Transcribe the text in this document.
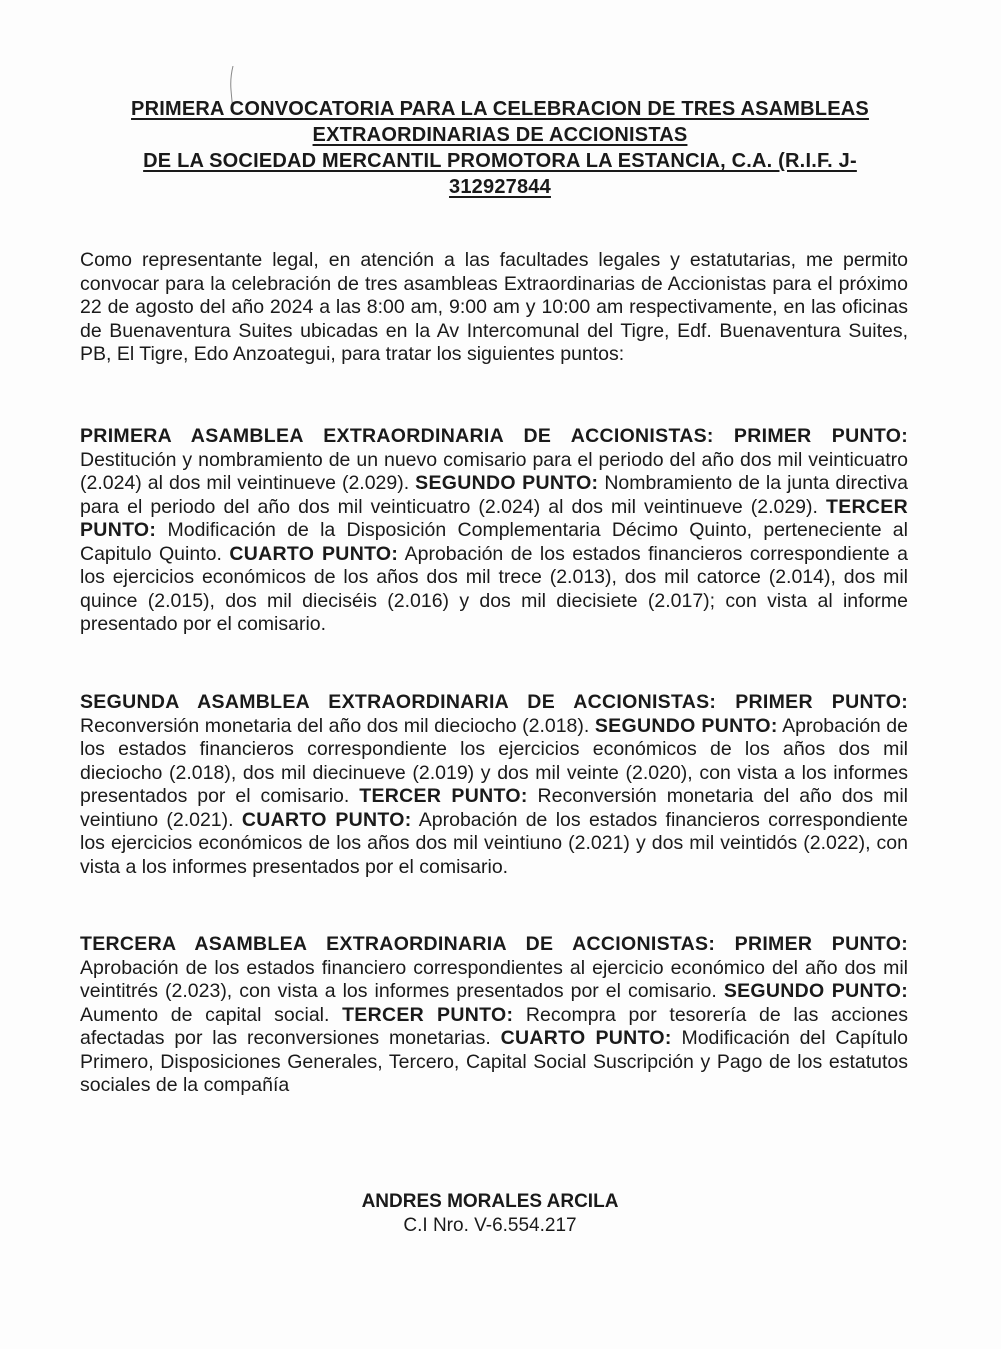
PRIMERA CONVOCATORIA PARA LA CELEBRACION DE TRES ASAMBLEAS
EXTRAORDINARIAS DE ACCIONISTAS
DE LA SOCIEDAD MERCANTIL PROMOTORA LA ESTANCIA, C.A. (R.I.F. J-
312927844

Como representante legal, en atención a las facultades legales y estatutarias, me permito convocar para la celebración de tres asambleas Extraordinarias de Accionistas para el próximo 22 de agosto del año 2024 a las 8:00 am, 9:00 am y 10:00 am respectivamente, en las oficinas de Buenaventura Suites ubicadas en la Av Intercomunal del Tigre, Edf. Buenaventura Suites, PB, El Tigre, Edo Anzoategui, para tratar los siguientes puntos:

PRIMERA ASAMBLEA EXTRAORDINARIA DE ACCIONISTAS: PRIMER PUNTO: Destitución y nombramiento de un nuevo comisario para el periodo del año dos mil veinticuatro (2.024) al dos mil veintinueve (2.029). SEGUNDO PUNTO: Nombramiento de la junta directiva para el periodo del año dos mil veinticuatro (2.024) al dos mil veintinueve (2.029). TERCER PUNTO: Modificación de la Disposición Complementaria Décimo Quinto, perteneciente al Capitulo Quinto. CUARTO PUNTO: Aprobación de los estados financieros correspondiente a los ejercicios económicos de los años dos mil trece (2.013), dos mil catorce (2.014), dos mil quince (2.015), dos mil dieciséis (2.016) y dos mil diecisiete (2.017); con vista al informe presentado por el comisario.

SEGUNDA ASAMBLEA EXTRAORDINARIA DE ACCIONISTAS: PRIMER PUNTO: Reconversión monetaria del año dos mil dieciocho (2.018). SEGUNDO PUNTO: Aprobación de los estados financieros correspondiente los ejercicios económicos de los años dos mil dieciocho (2.018), dos mil diecinueve (2.019) y dos mil veinte (2.020), con vista a los informes presentados por el comisario. TERCER PUNTO: Reconversión monetaria del año dos mil veintiuno (2.021). CUARTO PUNTO: Aprobación de los estados financieros correspondiente los ejercicios económicos de los años dos mil veintiuno (2.021) y dos mil veintidós (2.022), con vista a los informes presentados por el comisario.

TERCERA ASAMBLEA EXTRAORDINARIA DE ACCIONISTAS: PRIMER PUNTO: Aprobación de los estados financiero correspondientes al ejercicio económico del año dos mil veintitrés (2.023), con vista a los informes presentados por el comisario. SEGUNDO PUNTO: Aumento de capital social. TERCER PUNTO: Recompra por tesorería de las acciones afectadas por las reconversiones monetarias. CUARTO PUNTO: Modificación del Capítulo Primero, Disposiciones Generales, Tercero, Capital Social Suscripción y Pago de los estatutos sociales de la compañía

ANDRES MORALES ARCILA
C.I Nro. V-6.554.217
